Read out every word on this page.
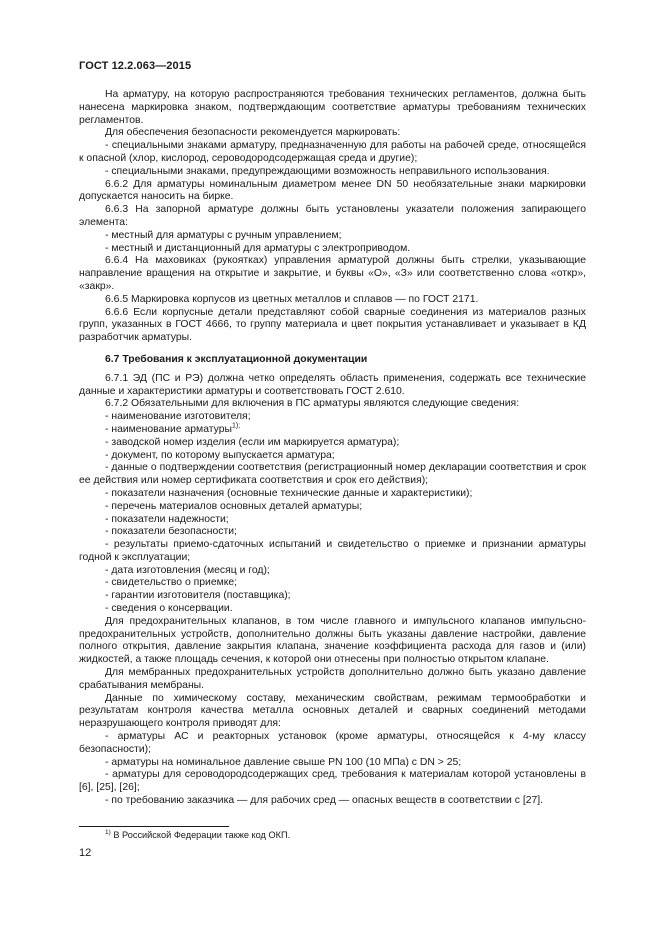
ГОСТ 12.2.063—2015

На арматуру, на которую распространяются требования технических регламентов, должна быть нанесена маркировка знаком, подтверждающим соответствие арматуры требованиям технических регламентов.

Для обеспечения безопасности рекомендуется маркировать:

- специальными знаками арматуру, предназначенную для работы на рабочей среде, относящейся к опасной (хлор, кислород, сероводородсодержащая среда и другие);

- специальными знаками, предупреждающими возможность неправильного использования.

6.6.2 Для арматуры номинальным диаметром менее DN 50 необязательные знаки маркировки допускается наносить на бирке.

6.6.3 На запорной арматуре должны быть установлены указатели положения запирающего элемента:

- местный для арматуры с ручным управлением;

- местный и дистанционный для арматуры с электроприводом.

6.6.4 На маховиках (рукоятках) управления арматурой должны быть стрелки, указывающие направление вращения на открытие и закрытие, и буквы «О», «З» или соответственно слова «откр», «закр».

6.6.5 Маркировка корпусов из цветных металлов и сплавов — по ГОСТ 2171.

6.6.6 Если корпусные детали представляют собой сварные соединения из материалов разных групп, указанных в ГОСТ 4666, то группу материала и цвет покрытия устанавливает и указывает в КД разработчик арматуры.

6.7 Требования к эксплуатационной документации

6.7.1 ЭД (ПС и РЭ) должна четко определять область применения, содержать все технические данные и характеристики арматуры и соответствовать ГОСТ 2.610.

6.7.2 Обязательными для включения в ПС арматуры являются следующие сведения:

- наименование изготовителя;

- наименование арматуры$^{1);}$

- заводской номер изделия (если им маркируется арматура);

- документ, по которому выпускается арматура;

- данные о подтверждении соответствия (регистрационный номер декларации соответствия и срок ее действия или номер сертификата соответствия и срок его действия);

- показатели назначения (основные технические данные и характеристики);

- перечень материалов основных деталей арматуры;

- показатели надежности;

- показатели безопасности;

- результаты приемо-сдаточных испытаний и свидетельство о приемке и признании арматуры годной к эксплуатации;

- дата изготовления (месяц и год);

- свидетельство о приемке;

- гарантии изготовителя (поставщика);

- сведения о консервации.

Для предохранительных клапанов, в том числе главного и импульсного клапанов импульсно-предохранительных устройств, дополнительно должны быть указаны давление настройки, давление полного открытия, давление закрытия клапана, значение коэффициента расхода для газов и (или) жидкостей, а также площадь сечения, к которой они отнесены при полностью открытом клапане.

Для мембранных предохранительных устройств дополнительно должно быть указано давление срабатывания мембраны.

Данные по химическому составу, механическим свойствам, режимам термообработки и результатам контроля качества металла основных деталей и сварных соединений методами неразрушающего контроля приводят для:

- арматуры АС и реакторных установок (кроме арматуры, относящейся к 4-му классу безопасности);

- арматуры на номинальное давление свыше PN 100 (10 МПа) с DN > 25;

- арматуры для сероводородсодержащих сред, требования к материалам которой установлены в [6], [25], [26];

- по требованию заказчика — для рабочих сред — опасных веществ в соответствии с [27].

$^{1)}$ В Российской Федерации также код ОКП.
12
